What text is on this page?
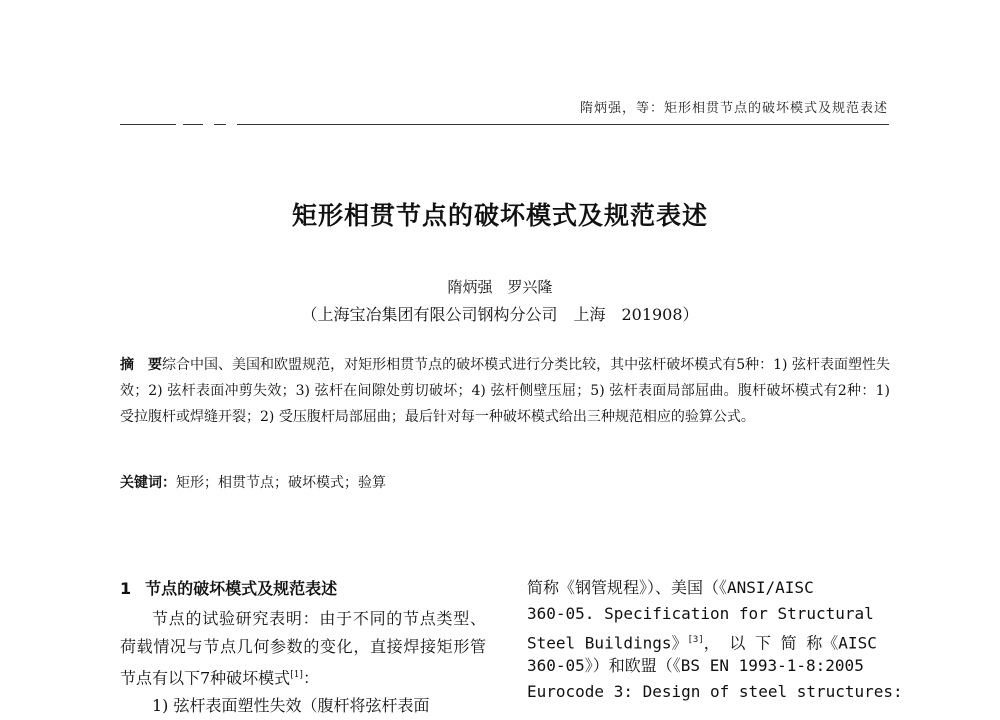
隋炳强，等：矩形相贯节点的破坏模式及规范表述
矩形相贯节点的破坏模式及规范表述
隋炳强　罗兴隆
（上海宝冶集团有限公司钢构分公司　上海　201908）
摘　要综合中国、美国和欧盟规范，对矩形相贯节点的破坏模式进行分类比较，其中弦杆破坏模式有5种：1) 弦杆表面塑性失效；2) 弦杆表面冲剪失效；3) 弦杆在间隙处剪切破坏；4) 弦杆侧壁压屈；5) 弦杆表面局部屈曲。腹杆破坏模式有2种：1) 受拉腹杆或焊缝开裂；2) 受压腹杆局部屈曲；最后针对每一种破坏模式给出三种规范相应的验算公式。
关键词：矩形；相贯节点；破坏模式；验算
1 节点的破坏模式及规范表述

节点的试验研究表明：由于不同的节点类型、荷载情况与节点几何参数的变化，直接焊接矩形管节点有以下7种破坏模式[1]：

1) 弦杆表面塑性失效（腹杆将弦杆表面

简称《钢管规程》）、美国（《ANSI/AISC
360-05. Specification for Structural
Steel Buildings》[3]， 以 下 简 称《AISC
360-05》）和欧盟（《BS EN 1993-1-8:2005
Eurocode 3: Design of steel structures:
